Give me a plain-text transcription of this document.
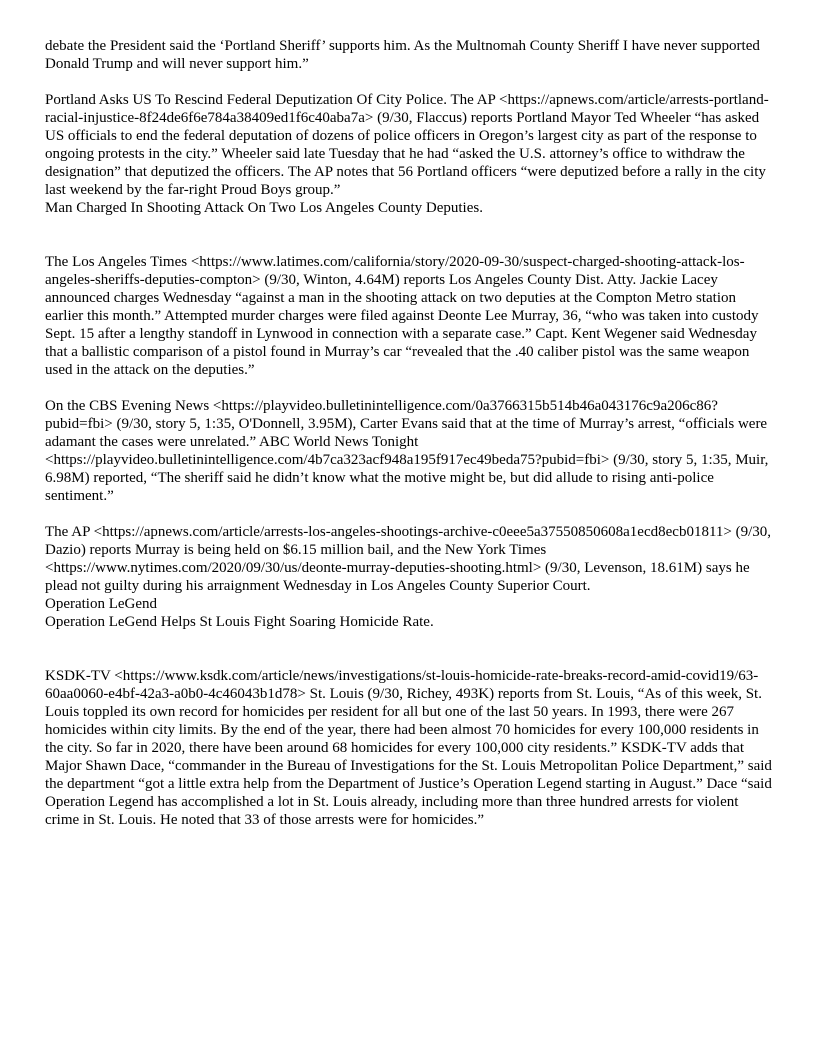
debate the President said the ‘Portland Sheriff’ supports him. As the Multnomah County Sheriff I have never supported Donald Trump and will never support him.”

Portland Asks US To Rescind Federal Deputization Of City Police. The AP <https://apnews.com/article/arrests-portland-racial-injustice-8f24de6f6e784a38409ed1f6c40aba7a> (9/30, Flaccus) reports Portland Mayor Ted Wheeler “has asked US officials to end the federal deputation of dozens of police officers in Oregon’s largest city as part of the response to ongoing protests in the city.” Wheeler said late Tuesday that he had “asked the U.S. attorney’s office to withdraw the designation” that deputized the officers. The AP notes that 56 Portland officers “were deputized before a rally in the city last weekend by the far-right Proud Boys group.”

Man Charged In Shooting Attack On Two Los Angeles County Deputies.

The Los Angeles Times <https://www.latimes.com/california/story/2020-09-30/suspect-charged-shooting-attack-los-angeles-sheriffs-deputies-compton> (9/30, Winton, 4.64M) reports Los Angeles County Dist. Atty. Jackie Lacey announced charges Wednesday “against a man in the shooting attack on two deputies at the Compton Metro station earlier this month.” Attempted murder charges were filed against Deonte Lee Murray, 36, “who was taken into custody Sept. 15 after a lengthy standoff in Lynwood in connection with a separate case.” Capt. Kent Wegener said Wednesday that a ballistic comparison of a pistol found in Murray’s car “revealed that the .40 caliber pistol was the same weapon used in the attack on the deputies.”

On the CBS Evening News <https://playvideo.bulletinintelligence.com/0a3766315b514b46a043176c9a206c86?pubid=fbi> (9/30, story 5, 1:35, O'Donnell, 3.95M), Carter Evans said that at the time of Murray’s arrest, “officials were adamant the cases were unrelated.” ABC World News Tonight <https://playvideo.bulletinintelligence.com/4b7ca323acf948a195f917ec49beda75?pubid=fbi> (9/30, story 5, 1:35, Muir, 6.98M) reported, “The sheriff said he didn’t know what the motive might be, but did allude to rising anti-police sentiment.”

The AP <https://apnews.com/article/arrests-los-angeles-shootings-archive-c0eee5a37550850608a1ecd8ecb01811> (9/30, Dazio) reports Murray is being held on $6.15 million bail, and the New York Times <https://www.nytimes.com/2020/09/30/us/deonte-murray-deputies-shooting.html> (9/30, Levenson, 18.61M) says he plead not guilty during his arraignment Wednesday in Los Angeles County Superior Court.

Operation LeGend

Operation LeGend Helps St Louis Fight Soaring Homicide Rate.

KSDK-TV <https://www.ksdk.com/article/news/investigations/st-louis-homicide-rate-breaks-record-amid-covid19/63-60aa0060-e4bf-42a3-a0b0-4c46043b1d78> St. Louis (9/30, Richey, 493K) reports from St. Louis, “As of this week, St. Louis toppled its own record for homicides per resident for all but one of the last 50 years. In 1993, there were 267 homicides within city limits. By the end of the year, there had been almost 70 homicides for every 100,000 residents in the city. So far in 2020, there have been around 68 homicides for every 100,000 city residents.” KSDK-TV adds that Major Shawn Dace, “commander in the Bureau of Investigations for the St. Louis Metropolitan Police Department,” said the department “got a little extra help from the Department of Justice’s Operation Legend starting in August.” Dace “said Operation Legend has accomplished a lot in St. Louis already, including more than three hundred arrests for violent crime in St. Louis. He noted that 33 of those arrests were for homicides.”
